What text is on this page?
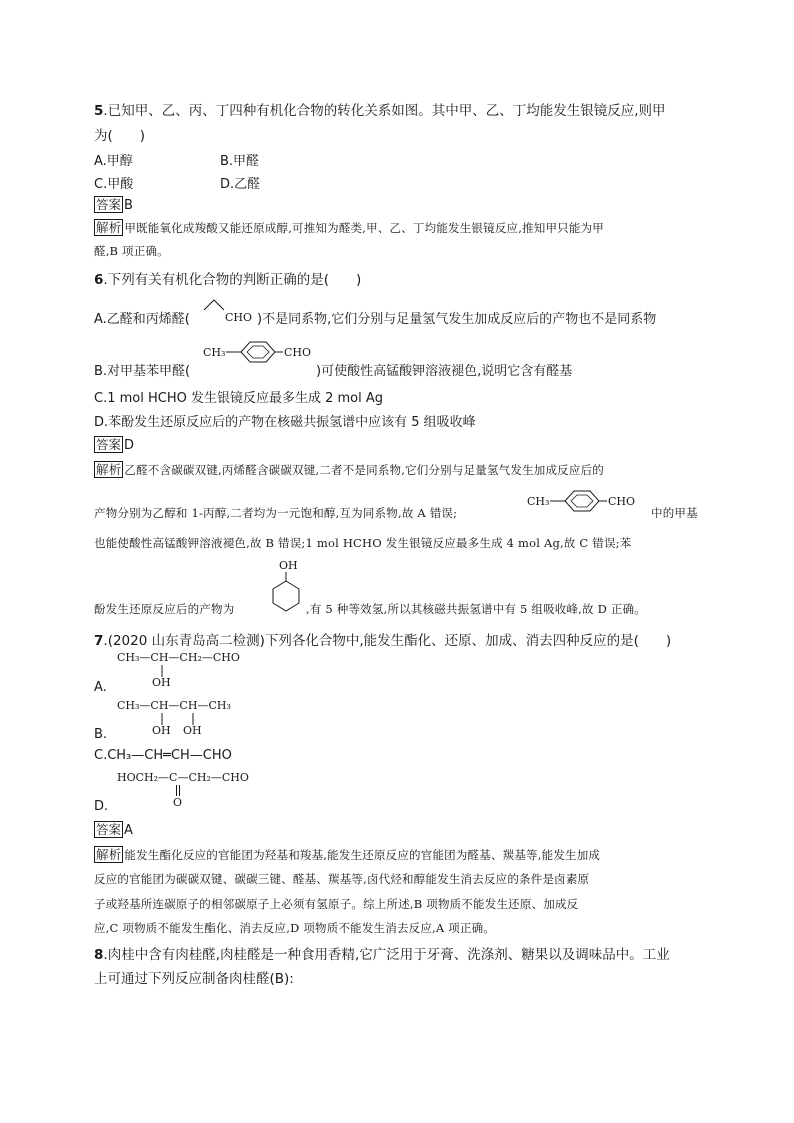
5.已知甲、乙、丙、丁四种有机化合物的转化关系如图。其中甲、乙、丁均能发生银镜反应,则甲
为(　　)
A.甲醇	B.甲醛
C.甲酸	D.乙醛
答案 B
解析 甲既能氧化成羧酸又能还原成醇,可推知为醛类,甲、乙、丁均能发生银镜反应,推知甲只能为甲
醛,B 项正确。
6.下列有关有机化合物的判断正确的是(　　)
A.乙醛和丙烯醛(	CHO )不是同系物,它们分别与足量氢气发生加成反应后的产物也不是同系物
CH₃	CHO
B.对甲基苯甲醛(	)可使酸性高锰酸钾溶液褪色,说明它含有醛基
C.1 mol HCHO 发生银镜反应最多生成 2 mol Ag
D.苯酚发生还原反应后的产物在核磁共振氢谱中应该有 5 组吸收峰
答案 D
解析 乙醛不含碳碳双键,丙烯醛含碳碳双键,二者不是同系物,它们分别与足量氢气发生加成反应后的
产物分别为乙醇和 1-丙醇,二者均为一元饱和醇,互为同系物,故 A 错误;
CH₃	CHO
中的甲基
也能使酸性高锰酸钾溶液褪色,故 B 错误;1 mol HCHO 发生银镜反应最多生成 4 mol Ag,故 C 错误;苯
酚发生还原反应后的产物为
OH
,有 5 种等效氢,所以其核磁共振氢谱中有 5 组吸收峰,故 D 正确。
7.(2020 山东青岛高二检测)下列各化合物中,能发生酯化、还原、加成、消去四种反应的是(　　)
CH₃—CH—CH₂—CHO
OH
A.
CH₃—CH—CH—CH₃
OH OH
B.
C.CH₃—CH═CH—CHO
HOCH₂—C—CH₂—CHO
O
D.
答案 A
解析 能发生酯化反应的官能团为羟基和羧基,能发生还原反应的官能团为醛基、羰基等,能发生加成
反应的官能团为碳碳双键、碳碳三键、醛基、羰基等,卤代烃和醇能发生消去反应的条件是卤素原
子或羟基所连碳原子的相邻碳原子上必须有氢原子。综上所述,B 项物质不能发生还原、加成反
应,C 项物质不能发生酯化、消去反应,D 项物质不能发生消去反应,A 项正确。
8.肉桂中含有肉桂醛,肉桂醛是一种食用香精,它广泛用于牙膏、洗涤剂、糖果以及调味品中。工业
上可通过下列反应制备肉桂醛(B):
